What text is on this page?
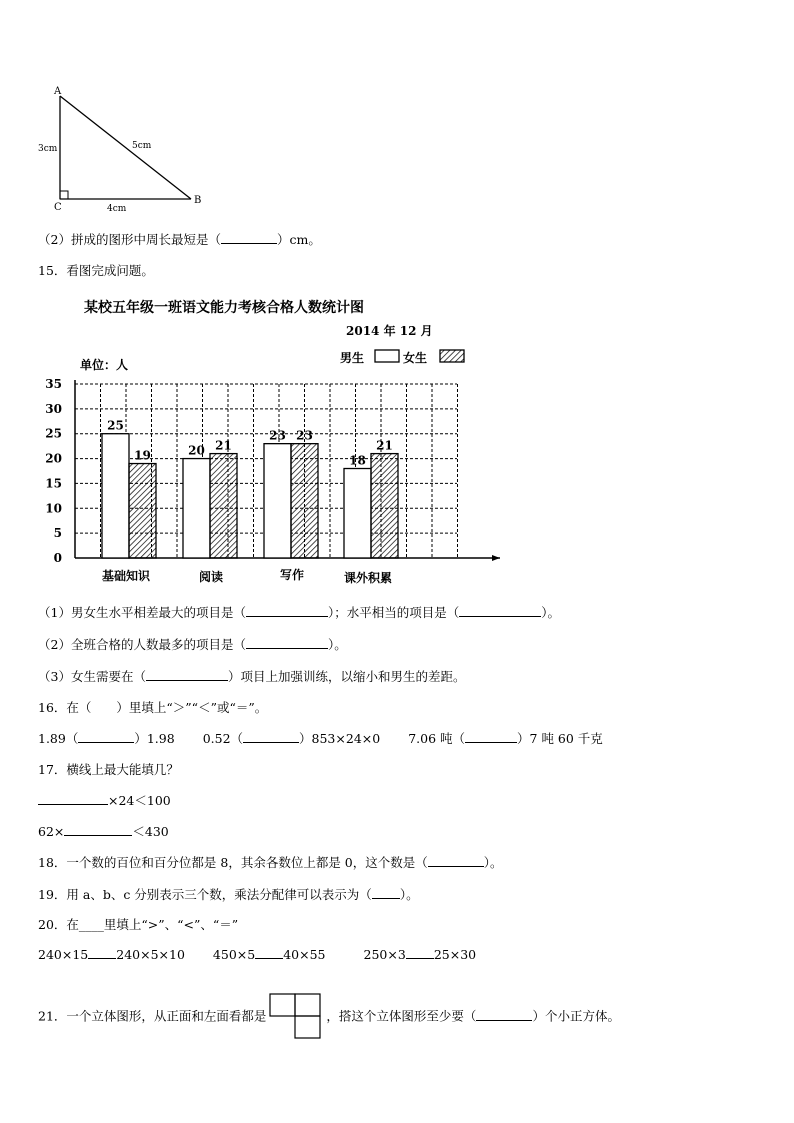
A
B
C
3cm	5cm
4cm
（2）拼成的图形中周长最短是（	）cm。
15．看图完成问题。
某校五年级一班语文能力考核合格人数统计图
2014 年 12 月
单位：人
0
5
10
15
20
25
30
35
25
19
基础知识
20 21
阅读
23 23
写作
18
21
课外积累
男生	女生
（1）男女生水平相差最大的项目是（	）；水平相当的项目是（	）。
（2）全班合格的人数最多的项目是（	）。
（3）女生需要在（	）项目上加强训练，以缩小和男生的差距。
16．在（　　）里填上“＞”“＜”或“＝”。
1.89（	）1.98 0.52（	）853×24×0 7.06 吨（	）7 吨 60 千克
17．横线上最大能填几？
×24＜100
62×	＜430
18．一个数的百位和百分位都是 8，其余各数位上都是 0，这个数是（	）。
19．用 a、b、c 分别表示三个数，乘法分配律可以表示为（ ）。
20．在____里填上“>”、“<”、“＝”
240×15 240×5×10 450×5 40×55	250×3 25×30
21．一个立体图形，从正面和左面看都是	，搭这个立体图形至少要（	）个小正方体。
